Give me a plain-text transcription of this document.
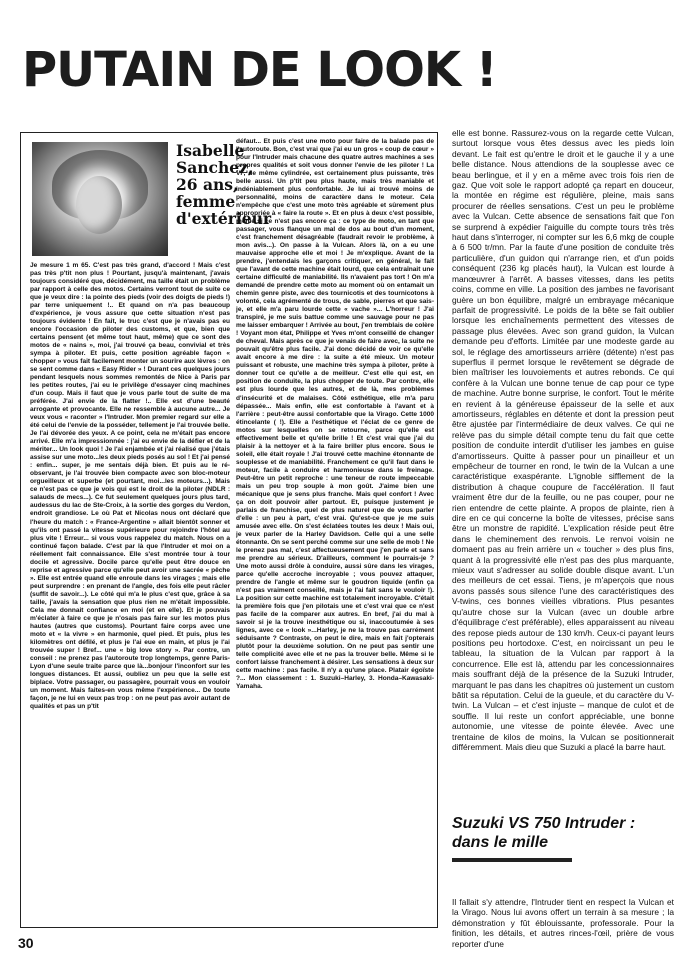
PUTAIN DE LOOK !
Isabelle
Sanchez,
26 ans,
femme
d'extérieur

Je mesure 1 m 65. C'est pas très grand, d'accord ! Mais c'est pas très p'tit non plus ! Pourtant, jusqu'à maintenant, j'avais toujours considéré que, décidément, ma taille était un problème par rapport à celle des motos. Certains verront tout de suite ce que je veux dire : la pointe des pieds (voir des doigts de pieds !) par terre uniquement !.. Et quand on n'a pas beaucoup d'expérience, je vous assure que cette situation n'est pas toujours évidente ! En fait, le truc c'est que je n'avais pas eu encore l'occasion de piloter des customs, et que, bien que certains pensent (et même tout haut, même) que ce sont des motos de « nains », moi, j'ai trouvé ça beau, convivial et très sympa à piloter. Et puis, cette position agréable façon « chopper » vous fait facilement monter un sourire aux lèvres : on se sent comme dans « Easy Rider » ! Durant ces quelques jours pendant lesquels nous sommes remontés de Nice à Paris par les petites routes, j'ai eu le privilège d'essayer cinq machines d'un coup. Mais il faut que je vous parle tout de suite de ma préférée. J'ai envie de la flatter !.. Elle est d'une beauté arrogante et provocante. Elle ne ressemble à aucune autre... Je veux vous « raconter » l'Intruder. Mon premier regard sur elle a été celui de l'envie de la posséder, tellement je l'ai trouvée belle. Je l'ai dévorée des yeux. A ce point, cela ne m'était pas encore arrivé. Elle m'a impressionnée : j'ai eu envie de la défier et de la mériter... Un look quoi ! Je l'ai enjambée et j'ai réalisé que j'étais assise sur une moto...les deux pieds posés au sol ! Et j'ai pensé : enfin... super, je me sentais déjà bien. Et puis au le ré-observant, je l'ai trouvée bien compacte avec son bloc-moteur orgueilleux et superbe (et pourtant, moi...les moteurs...). Mais ce n'est pas ce que je vois qui est le droit de la piloter (NDLR : salauds de mecs...). Ce fut seulement quelques jours plus tard, audessus du lac de Ste-Croix, à la sortie des gorges du Verdon, endroit grandiose. Le où Pat et Nicolas nous ont déclaré que l'heure du match : « France-Argentine » allait bientôt sonner et qu'ils ont passé la vitesse supérieure pour rejoindre l'hôtel au plus vite ! Erreur... si vous vous rappelez du match. Nous on a continué façon balade. C'est par là que l'Intruder et moi on a réellement fait connaissance. Elle s'est montrée tour à tour docile et agressive. Docile parce qu'elle peut être douce en reprise et agressive parce qu'elle peut avoir une sacrée « pêche ». Elle est entrée quand elle enroule dans les virages ; mais elle peut surprendre : en prenant de l'angle, des fois elle peut râcler (suffit de savoir...). Le côté qui m'a le plus c'est que, grâce à sa taille, j'avais la sensation que plus rien ne m'était impossible. Cela me donnait confiance en moi (et en elle). Et je pouvais m'éclater à faire ce que je n'osais pas faire sur les motos plus hautes (autres que customs). Pourtant faire corps avec une moto et « la vivre » en harmonie, quel pied. Et puis, plus les kilomètres ont défilé, et plus je l'ai eue en main, et plus je l'ai trouvée super ! Bref... une « big love story ». Par contre, un conseil : ne prenez pas l'autoroute trop longtemps, genre Paris-Lyon d'une seule traite parce que là...bonjour l'inconfort sur les longues distances. Et aussi, oubliez un peu que la selle est biplace. Votre passager, ou passagère, pourrait vous en vouloir un moment. Mais faites-en vous même l'expérience... De toute façon, je ne lui en veux pas trop : on ne peut pas avoir autant de qualités et pas un p'tit

défaut... Et puis c'est une moto pour faire de la balade pas de l'autoroute. Bon, c'est vrai que j'ai eu un gros « coup de cœur » pour l'Intruder mais chacune des quatre autres machines a ses propres qualités et soit vous donner l'envie de les piloter ! La VF, de même cylindrée, est certainement plus puissante, très belle aussi. Un p'tit peu plus haute, mais très maniable et indéniablement plus confortable. Je lui ai trouvé moins de personnalité, moins de caractère dans le moteur. Cela n'empêche que c'est une moto très agréable et sûrement plus appropriée à « faire la route ». Et en plus à deux c'est possible, même si ce n'est pas encore ça : ce type de moto, en tant que passager, vous flanque un mal de dos au bout d'un moment, c'est franchement désagréable (faudrait revoir le problème, à mon avis...). On passe à la Vulcan. Alors là, on a eu une mauvaise approche elle et moi ! Je m'explique. Avant de la prendre, j'entendais les garçons critiquer, en général, le fait que l'avant de cette machine était lourd, que cela entraînait une certaine difficulté de maniabilité. Ils n'avaient pas tort ! On m'a demandé de prendre cette moto au moment où on entamait un chemin genre piste, avec des tournicotis et des tournicotons à volonté, cela agrémenté de trous, de sable, pierres et que sais-je, et elle m'a paru lourde cette « vache »... L'horreur ! J'ai transpiré, je me suis battue comme une sauvage pour ne pas me laisser embarquer ! Arrivée au bout, j'en tremblais de colère ! Voyant mon état, Philippe et Yves m'ont conseillé de changer de cheval. Mais après ce que je venais de faire avec, la suite ne pouvait qu'être plus facile. J'ai donc décidé de voir ce qu'elle avait encore à me dire : la suite a été mieux. Un moteur puissant et robuste, une machine très sympa à piloter, prête à donner tout ce qu'elle a de meilleur. C'est elle qui est, en position de conduite, la plus chopper de toute. Par contre, elle est plus lourde que les autres, et de là, mes problèmes d'insécurité et de malaises. Côté esthétique, elle m'a paru dépassée... Mais enfin, elle est confortable à l'avant et à l'arrière : peut-être aussi confortable que la Virago. Cette 1000 étincelante ( !). Elle a l'esthétique et l'éclat de ce genre de motos sur lesquelles on se retourne, parce qu'elle est effectivement belle et qu'elle brille ! Et c'est vrai que j'ai du plaisir à la nettoyer et à la faire briller plus encore. Sous le soleil, elle était royale ! J'ai trouvé cette machine étonnante de souplesse et de maniabilité. Franchement ce qu'il faut dans le moteur, facile à conduire et harmonieuse dans le freinage. Peut-être un petit reproche : une teneur de route impeccable mais un peu trop souple à mon goût. J'aime bien une mécanique que je sens plus franche. Mais quel confort ! Avec ça on doit pouvoir aller partout. Et, puisque justement je parlais de franchise, quel de plus naturel que de vous parler d'elle : un peu à part, c'est vrai. Qu'est-ce que je me suis amusée avec elle. On s'est éclatées toutes les deux ! Mais oui, je veux parler de la Harley Davidson. Celle qui a une selle étonnante. On se sent perché comme sur une selle de mob ! Ne le prenez pas mal, c'est affectueusement que j'en parle et sans me prendre au sérieux. D'ailleurs, comment le pourrais-je ? Une moto aussi drôle à conduire, aussi sûre dans les virages, parce qu'elle accroche incroyable ; vous pouvez attaquer, prendre de l'angle et même sur le goudron liquide (enfin ça n'est pas vraiment conseillé, mais je l'ai fait sans le vouloir !). La position sur cette machine est totalement incroyable. C'était la première fois que j'en pilotais une et c'est vrai que ce n'est pas facile de la comparer aux autres. En bref, j'ai du mal à savoir si je la trouve inesthétique ou si, inaccoutumée à ses lignes, avec ce « look »...Harley, je ne la trouve pas carrément séduisante ? Contraste, on peut le dire, mais en fait j'opterais plutôt pour la deuxième solution. On ne peut pas sentir une telle complicité avec elle et ne pas la trouver belle. Même si le confort laisse franchement à désirer. Les sensations à deux sur cette machine : pas facile. Il n'y a qu'une place. Platair égoïste ?... Mon classement : 1. Suzuki–Harley, 3. Honda–Kawasaki-Yamaha.

elle est bonne. Rassurez-vous on la regarde cette Vulcan, surtout lorsque vous êtes dessus avec les pieds loin devant. Le fait est qu'entre le droit et le gauche il y a une belle distance. Nous attendions de la souplesse avec ce beau berlingue, et il y en a même avec trois fois rien de gaz. Que voit sole le rapport adopté ça repart en douceur, la montée en régime est régulière, pleine, mais sans procurer de réelles sensations. C'est un peu le problème avec la Vulcan. Cette absence de sensations fait que l'on se surprend à expédier l'aiguille du compte tours très très haut dans s'interroger, ni compter sur les 6,6 mkg de couple à 6 500 tr/mn. Par la faute d'une position de conduite très particulière, d'un guidon qui n'arrange rien, et d'un poids conséquent (236 kg placés haut), la Vulcan est lourde à manœuvrer à l'arrêt. A basses vitesses, dans les petits coins, comme en ville. La position des jambes ne favorisant guère un bon équilibre, malgré un embrayage mécanique parfait de progressivité. Le poids de la bête se fait oublier lorsque les enchaînements permettent des vitesses de passage plus élevées. Avec son grand guidon, la Vulcan demande peu d'efforts. Limitée par une modeste garde au sol, le réglage des amortisseurs arrière (détente) n'est pas superflus il permet lorsque le revêtement se dégrade de bien maîtriser les louvoiements et autres rebonds. Ce qui confère à la Vulcan une bonne tenue de cap pour ce type de machine. Autre bonne surprise, le confort. Tout le mérite en revient à la généreuse épaisseur de la selle et aux amortisseurs, réglables en détente et dont la pression peut être ajustée par l'intermédiaire de deux valves. Ce qui ne relève pas du simple détail compte tenu du fait que cette position de conduite interdit d'utiliser les jambes en guise d'amortisseurs. Quitte à passer pour un pinailleur et un empêcheur de tourner en rond, le twin de la Vulcan a une caractéristique exaspérante. L'ignoble sifflement de la distribution à chaque coupure de l'accélération. Il faut vraiment être dur de la feuille, ou ne pas couper, pour ne rien entendre de cette plainte. A propos de plainte, rien à dire en ce qui concerne la boîte de vitesses, précise sans être un monstre de rapidité. L'explication réside peut être dans le cheminement des renvois. Le renvoi voisin ne domaent pas au frein arrière un « toucher » des plus fins, quant à la progressivité elle n'est pas des plus marquante, mieux vaut s'adresser au solide double disque avant. L'un des meilleurs de cet essai. Tiens, je m'aperçois que nous avons passés sous silence l'une des caractéristiques des V-twins, ces bonnes vieilles vibrations. Plus pesantes qu'autre chose sur la Vulcan (avec un double arbre d'équilibrage c'est préférable), elles apparaissent au niveau des repose pieds autour de 130 km/h. Ceux-ci payant leurs positions peu hortodoxe. C'est, en noircissant un peu le tableau, la situation de la Vulcan par rapport à la concurrence. Elle est là, attendu par les concessionnaires mais souffrant déjà de la présence de la Suzuki Intruder, marquant le pas dans les chapitres où justement un custom bâtit sa réputation. Celui de la gueule, et du caractère du V-twin. La Vulcan – et c'est injuste – manque de culot et de souffle. Il lui reste un confort appréciable, une bonne autonomie, une vitesse de pointe élevée. Avec une trentaine de kilos de moins, la Vulcan se positionnerait différemment. Mais dieu que Suzuki a placé la barre haut.

Suzuki VS 750 Intruder :
dans le mille

Il fallait s'y attendre, l'Intruder tient en respect la Vulcan et la Virago. Nous lui avons offert un terrain à sa mesure ; la démonstration y fût éblouissante, professorale. Pour la finition, les détails, et autres rinces-l'œil, prière de vous reporter d'une

30
